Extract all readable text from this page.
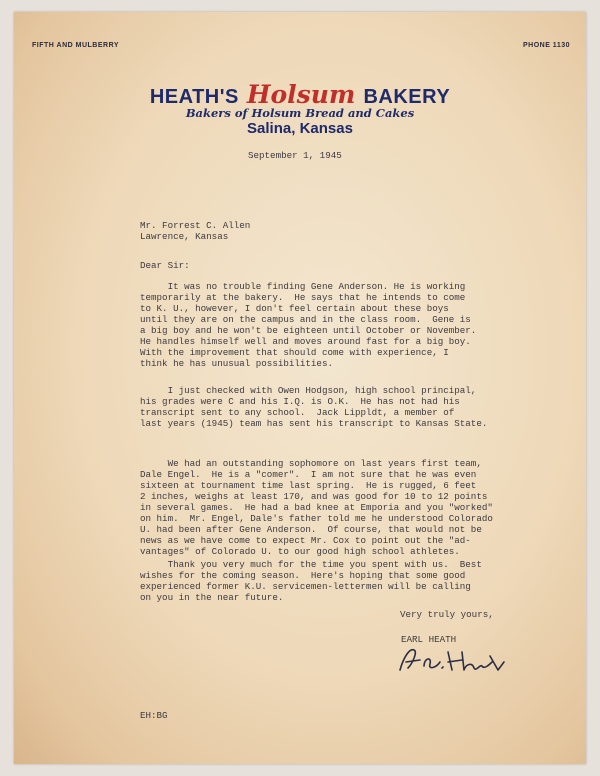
FIFTH AND MULBERRY	PHONE 1130
HEATH'S Holsum BAKERY
Bakers of Holsum Bread and Cakes
Salina, Kansas
September 1, 1945
Mr. Forrest C. Allen
Lawrence, Kansas
Dear Sir:
It was no trouble finding Gene Anderson. He is working
temporarily at the bakery.  He says that he intends to come
to K. U., however, I don't feel certain about these boys
until they are on the campus and in the class room.  Gene is
a big boy and he won't be eighteen until October or November.
He handles himself well and moves around fast for a big boy.
With the improvement that should come with experience, I
think he has unusual possibilities.
I just checked with Owen Hodgson, high school principal,
his grades were C and his I.Q. is O.K.  He has not had his
transcript sent to any school.  Jack Lippldt, a member of
last years (1945) team has sent his transcript to Kansas State.
We had an outstanding sophomore on last years first team,
Dale Engel.  He is a "comer".  I am not sure that he was even
sixteen at tournament time last spring.  He is rugged, 6 feet
2 inches, weighs at least 170, and was good for 10 to 12 points
in several games.  He had a bad knee at Emporia and you "worked"
on him.  Mr. Engel, Dale's father told me he understood Colorado
U. had been after Gene Anderson.  Of course, that would not be
news as we have come to expect Mr. Cox to point out the "ad-
vantages" of Colorado U. to our good high school athletes.
Thank you very much for the time you spent with us.  Best
wishes for the coming season.  Here's hoping that some good
experienced former K.U. servicemen-lettermen will be calling
on you in the near future.
Very truly yours,
EARL HEATH
EH:BG
